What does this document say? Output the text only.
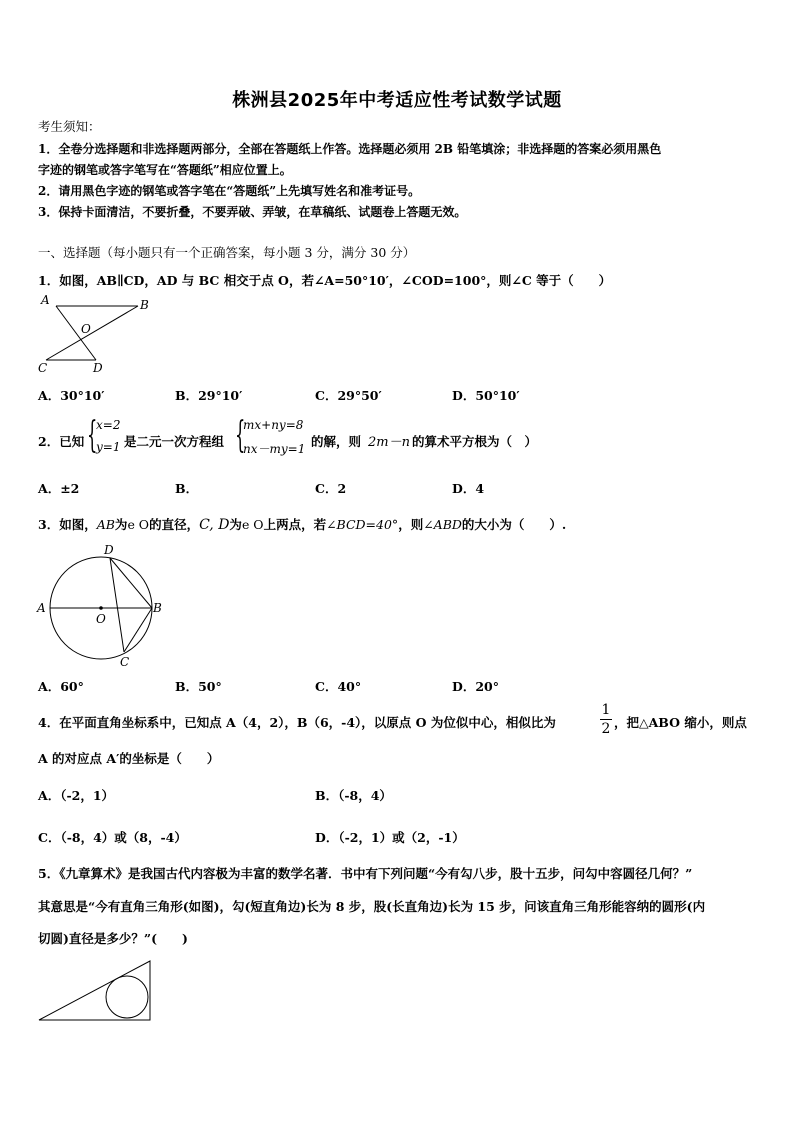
株洲县2025年中考适应性考试数学试题
考生须知：
1．全卷分选择题和非选择题两部分，全部在答题纸上作答。选择题必须用 2B 铅笔填涂；非选择题的答案必须用黑色
字迹的钢笔或答字笔写在“答题纸”相应位置上。
2．请用黑色字迹的钢笔或答字笔在“答题纸”上先填写姓名和准考证号。
3．保持卡面清洁，不要折叠，不要弄破、弄皱，在草稿纸、试题卷上答题无效。
一、选择题（每小题只有一个正确答案，每小题 3 分，满分 30 分）
1．如图，AB∥CD，AD 与 BC 相交于点 O，若∠A=50°10′，∠COD=100°，则∠C 等于（　　）
A	B
O
C	D
A．30°10′	B．29°10′	C．29°50′	D．50°10′
2．已知 {
x=2
y=1 是二元一次方程组 {
mx+ny=8
nx－my=1 的解，则 2m－n 的算术平方根为（　）
A．±2	B．	C．2	D．4
3．如图，AB为e O的直径，C, D为e O上两点，若∠BCD=40°，则∠ABD的大小为（　　）.
A	B
O
D
C
A．60°	B．50°	C．40°	D．20°
4．在平面直角坐标系中，已知点 A（4，2），B（6，-4），以原点 O 为位似中心，相似比为
1
2 ，把△ABO 缩小，则点
A 的对应点 A′的坐标是（　　）
A．（-2，1）	B．（-8，4）
C．（-8，4）或（8，-4）	D．（-2，1）或（2，-1）
5．《九章算术》是我国古代内容极为丰富的数学名著．书中有下列问题“今有勾八步，股十五步，问勾中容圆径几何？”
其意思是“今有直角三角形(如图)，勾(短直角边)长为 8 步，股(长直角边)长为 15 步，问该直角三角形能容纳的圆形(内
切圆)直径是多少？”(　　)
